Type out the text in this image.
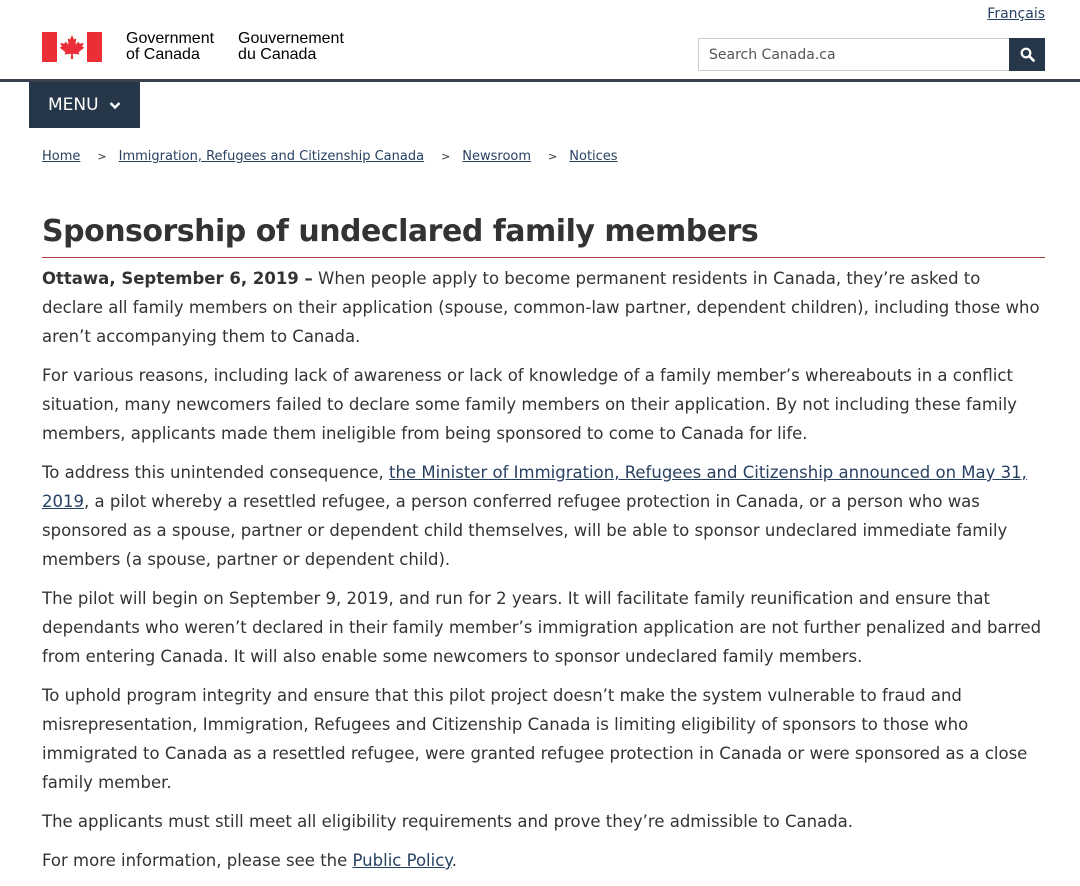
Français
Government
of Canada
Gouvernement
du Canada
Search Canada.ca
MENU
Home > Immigration, Refugees and Citizenship Canada > Newsroom > Notices
Sponsorship of undeclared family members

Ottawa, September 6, 2019 – When people apply to become permanent residents in Canada, they’re asked to declare all family members on their application (spouse, common-law partner, dependent children), including those who aren’t accompanying them to Canada.

For various reasons, including lack of awareness or lack of knowledge of a family member’s whereabouts in a conflict situation, many newcomers failed to declare some family members on their application. By not including these family members, applicants made them ineligible from being sponsored to come to Canada for life.

To address this unintended consequence, the Minister of Immigration, Refugees and Citizenship announced on May 31, 2019, a pilot whereby a resettled refugee, a person conferred refugee protection in Canada, or a person who was sponsored as a spouse, partner or dependent child themselves, will be able to sponsor undeclared immediate family members (a spouse, partner or dependent child).

The pilot will begin on September 9, 2019, and run for 2 years. It will facilitate family reunification and ensure that dependants who weren’t declared in their family member’s immigration application are not further penalized and barred from entering Canada. It will also enable some newcomers to sponsor undeclared family members.

To uphold program integrity and ensure that this pilot project doesn’t make the system vulnerable to fraud and misrepresentation, Immigration, Refugees and Citizenship Canada is limiting eligibility of sponsors to those who immigrated to Canada as a resettled refugee, were granted refugee protection in Canada or were sponsored as a close family member.

The applicants must still meet all eligibility requirements and prove they’re admissible to Canada.

For more information, please see the Public Policy.
